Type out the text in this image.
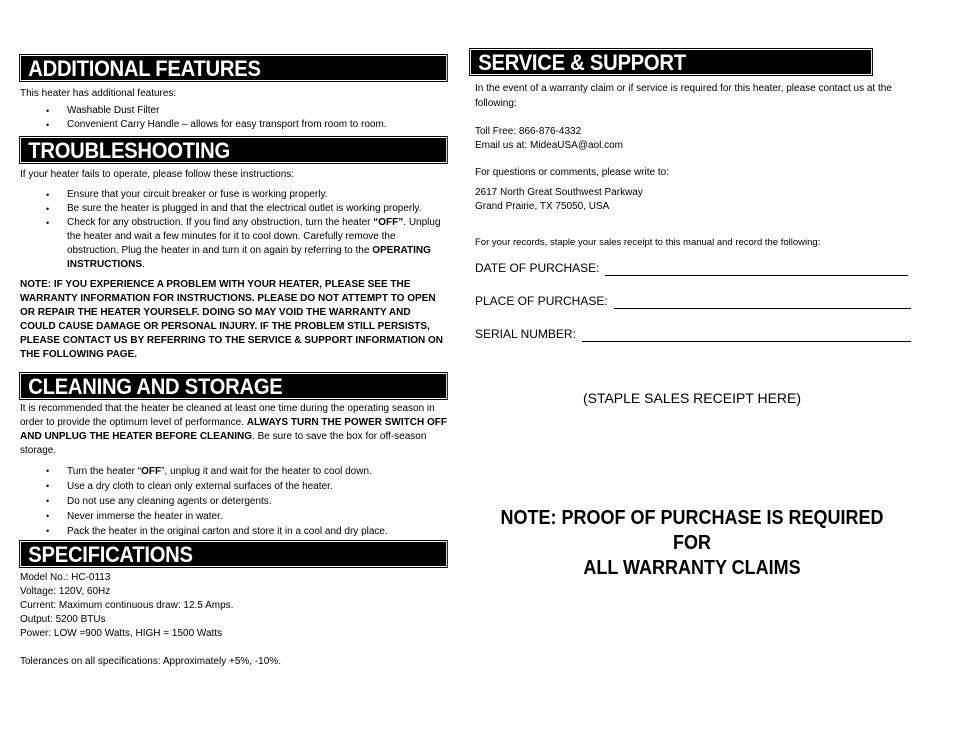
ADDITIONAL FEATURES
This heater has additional features:
• Washable Dust Filter
• Convenient Carry Handle – allows for easy transport from room to room.
TROUBLESHOOTING
If your heater fails to operate, please follow these instructions:
• Ensure that your circuit breaker or fuse is working properly.
• Be sure the heater is plugged in and that the electrical outlet is working properly.
• Check for any obstruction. If you find any obstruction, turn the heater “OFF”. Unplug the heater and wait a few minutes for it to cool down. Carefully remove the obstruction. Plug the heater in and turn it on again by referring to the OPERATING INSTRUCTIONS.
NOTE: IF YOU EXPERIENCE A PROBLEM WITH YOUR HEATER, PLEASE SEE THE WARRANTY INFORMATION FOR INSTRUCTIONS. PLEASE DO NOT ATTEMPT TO OPEN OR REPAIR THE HEATER YOURSELF. DOING SO MAY VOID THE WARRANTY AND COULD CAUSE DAMAGE OR PERSONAL INJURY. IF THE PROBLEM STILL PERSISTS, PLEASE CONTACT US BY REFERRING TO THE SERVICE & SUPPORT INFORMATION ON THE FOLLOWING PAGE.
CLEANING AND STORAGE
It is recommended that the heater be cleaned at least one time during the operating season in order to provide the optimum level of performance. ALWAYS TURN THE POWER SWITCH OFF AND UNPLUG THE HEATER BEFORE CLEANING. Be sure to save the box for off-season storage.
• Turn the heater “OFF”, unplug it and wait for the heater to cool down.
• Use a dry cloth to clean only external surfaces of the heater.
• Do not use any cleaning agents or detergents.
• Never immerse the heater in water.
• Pack the heater in the original carton and store it in a cool and dry place.
SPECIFICATIONS
Model No.: HC-0113
Voltage: 120V, 60Hz
Current: Maximum continuous draw: 12.5 Amps.
Output: 5200 BTUs
Power: LOW =900 Watts, HIGH = 1500 Watts
Tolerances on all specifications: Approximately +5%, -10%.
SERVICE & SUPPORT
In the event of a warranty claim or if service is required for this heater, please contact us at the following:
Toll Free: 866-876-4332
Email us at: MideaUSA@aol.com
For questions or comments, please write to:
2617 North Great Southwest Parkway
Grand Prairie, TX 75050, USA
For your records, staple your sales receipt to this manual and record the following:
DATE OF PURCHASE:
PLACE OF PURCHASE:
SERIAL NUMBER:
(STAPLE SALES RECEIPT HERE)
NOTE: PROOF OF PURCHASE IS REQUIRED FOR
ALL WARRANTY CLAIMS
